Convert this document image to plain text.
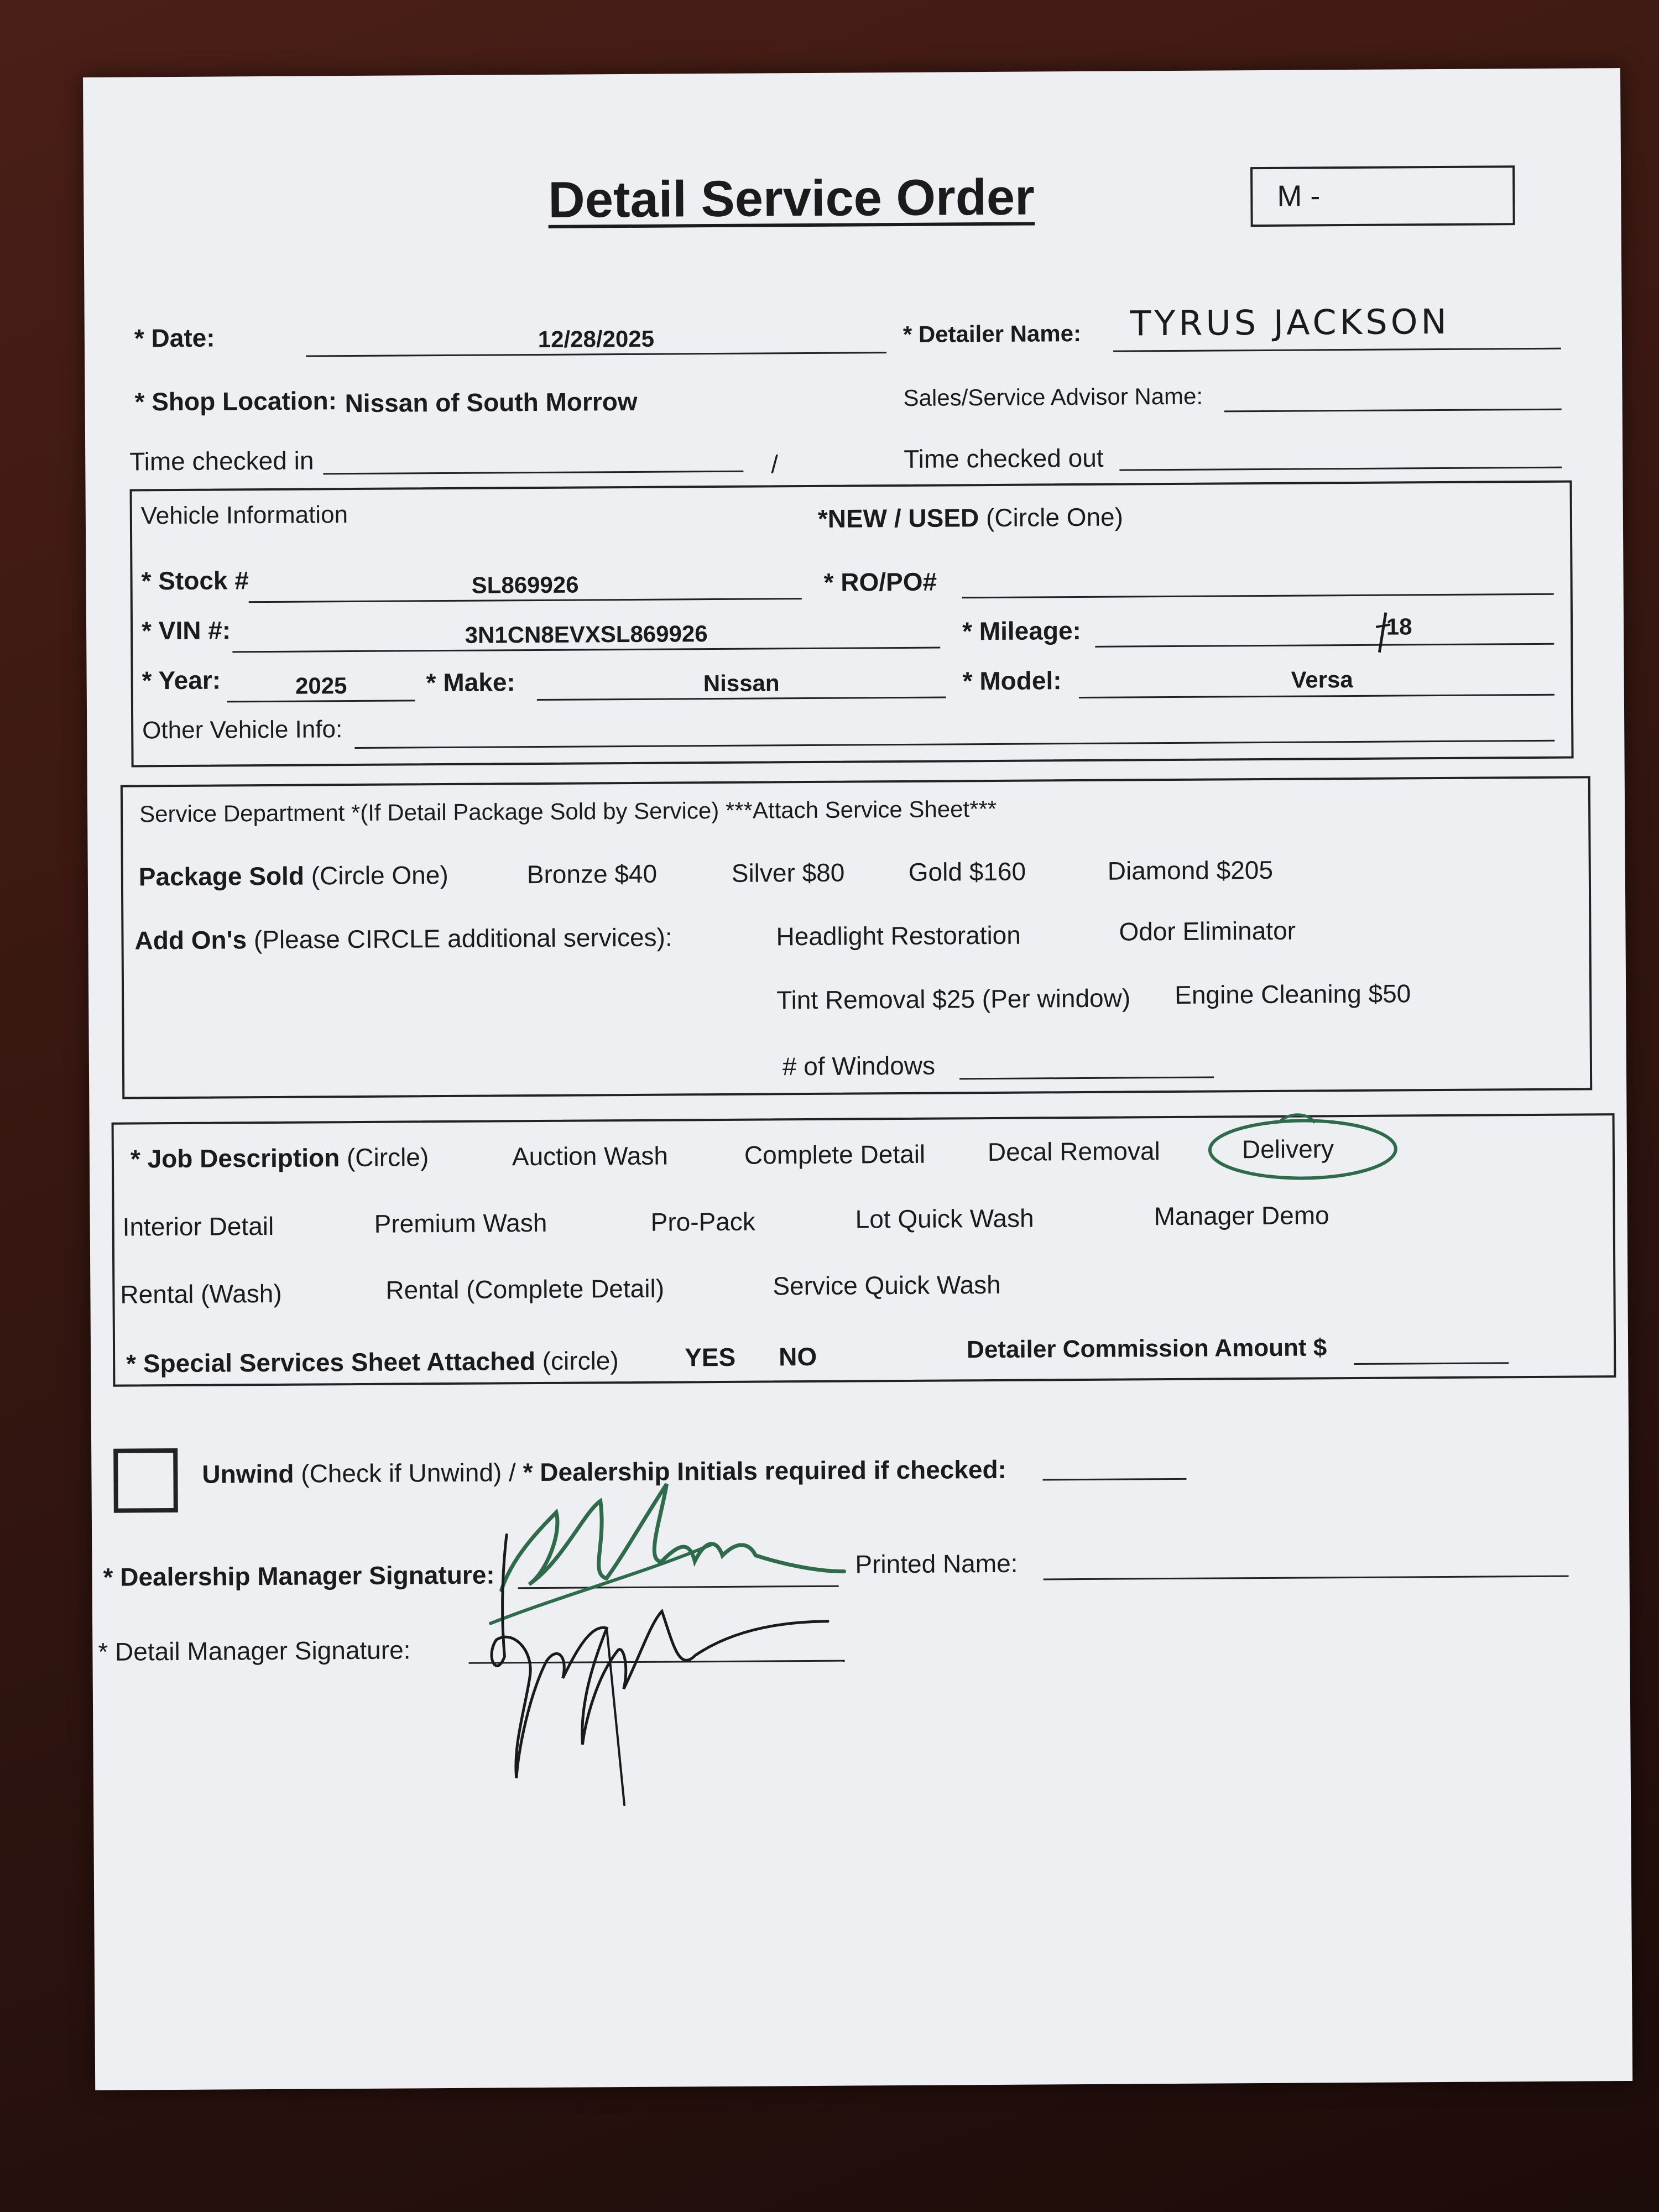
Detail Service Order	M -
* Date:	12/28/2025	* Detailer Name:	TYRUS JACKSON
* Shop Location: Nissan of South Morrow	Sales/Service Advisor Name:
Time checked in	/	Time checked out
Vehicle Information	*NEW / USED (Circle One)
* Stock #	SL869926	* RO/PO#
* VIN #:	3N1CN8EVXSL869926	* Mileage:	18
* Year:	2025	* Make:	Nissan	* Model:	Versa
Other Vehicle Info:
Service Department *(If Detail Package Sold by Service) ***Attach Service Sheet***
Package Sold (Circle One)	Bronze $40	Silver $80	Gold $160	Diamond $205
Add On's (Please CIRCLE additional services):	Headlight Restoration	Odor Eliminator
Tint Removal $25 (Per window) Engine Cleaning $50
# of Windows
* Job Description (Circle)	Auction Wash	Complete Detail Decal Removal	Delivery
Interior Detail	Premium Wash	Pro-Pack	Lot Quick Wash	Manager Demo
Rental (Wash)	Rental (Complete Detail)	Service Quick Wash
* Special Services Sheet Attached (circle)	YES NO	Detailer Commission Amount $
Unwind (Check if Unwind) / * Dealership Initials required if checked:
* Dealership Manager Signature:	Printed Name:
* Detail Manager Signature:
